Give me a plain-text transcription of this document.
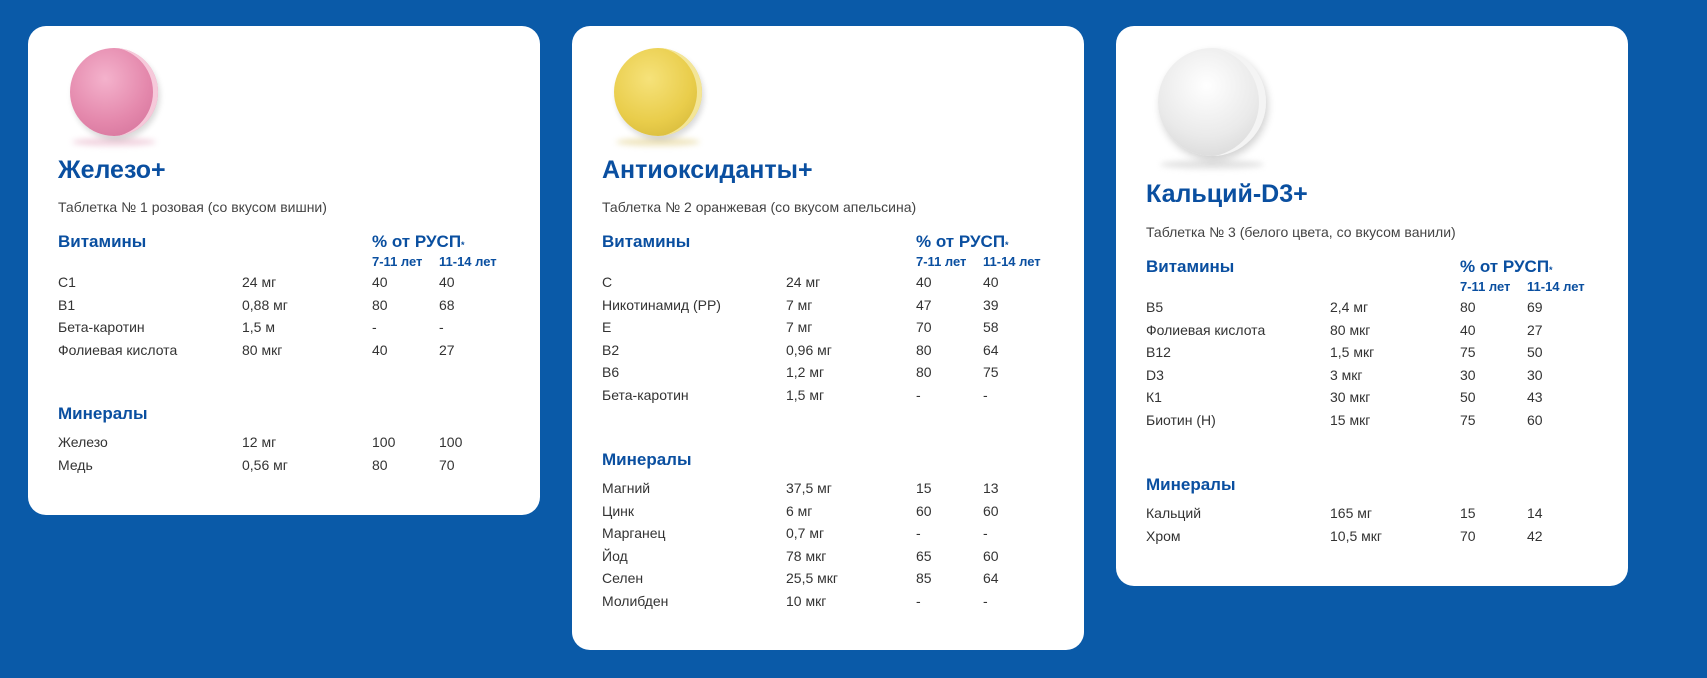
Железо+

Таблетка № 1 розовая (со вкусом вишни)

Витамины	% от РУСП*
7-11 лет 11-14 лет
С1	24 мг	40	40
В1	0,88 мг	80	68
Бета-каротин	1,5 м	-	-
Фолиевая кислота	80 мкг	40	27
Минералы
Железо	12 мг	100	100
Медь	0,56 мг	80	70
Антиоксиданты+

Таблетка № 2 оранжевая (со вкусом апельсина)

Витамины	% от РУСП*
7-11 лет 11-14 лет
С	24 мг	40	40
Никотинамид (РР)	7 мг	47	39
Е	7 мг	70	58
В2	0,96 мг	80	64
В6	1,2 мг	80	75
Бета-каротин	1,5 мг	-	-
Минералы
Магний	37,5 мг	15	13
Цинк	6 мг	60	60
Марганец	0,7 мг	-	-
Йод	78 мкг	65	60
Селен	25,5 мкг	85	64
Молибден	10 мкг	-	-
Кальций-D3+

Таблетка № 3 (белого цвета, со вкусом ванили)

Витамины	% от РУСП*
7-11 лет 11-14 лет
В5	2,4 мг	80	69
Фолиевая кислота	80 мкг	40	27
В12	1,5 мкг	75	50
D3	3 мкг	30	30
К1	30 мкг	50	43
Биотин (Н)	15 мкг	75	60
Минералы
Кальций	165 мг	15	14
Хром	10,5 мкг	70	42
